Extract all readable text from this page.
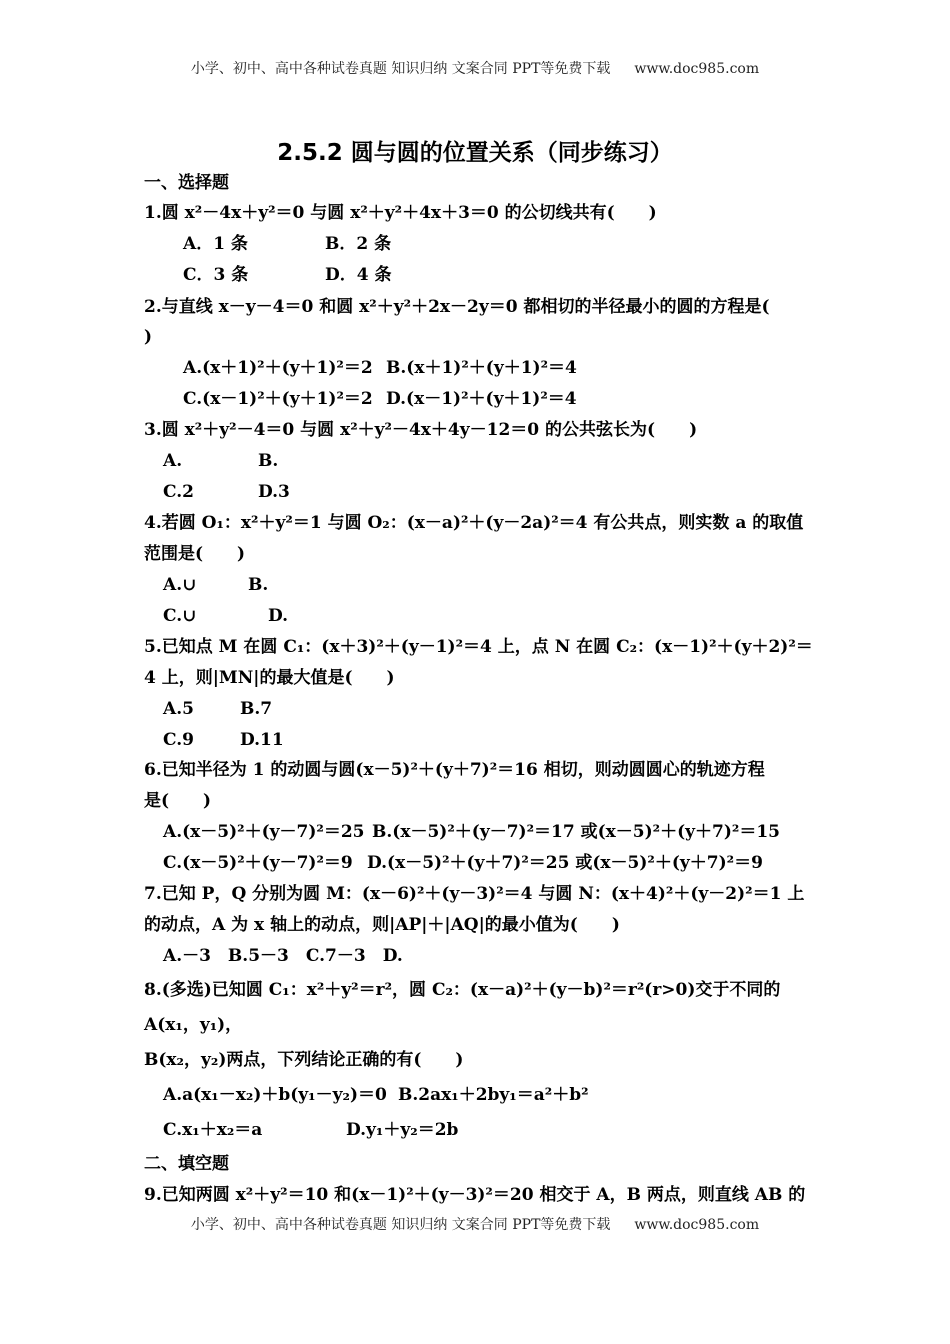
小学、初中、高中各种试卷真题 知识归纳 文案合同 PPT等免费下载 www.doc985.com
2.5.2 圆与圆的位置关系（同步练习）
一、选择题
1.圆 x²－4x＋y²＝0 与圆 x²＋y²＋4x＋3＝0 的公切线共有(　　)
A．1 条	B．2 条
C．3 条	D．4 条
2.与直线 x－y－4＝0 和圆 x²＋y²＋2x－2y＝0 都相切的半径最小的圆的方程是(
)
A.(x＋1)²＋(y＋1)²＝2 B.(x＋1)²＋(y＋1)²＝4
C.(x－1)²＋(y＋1)²＝2 D.(x－1)²＋(y＋1)²＝4
3.圆 x²＋y²－4＝0 与圆 x²＋y²－4x＋4y－12＝0 的公共弦长为(　　)
A.	B.
C.2	D.3
4.若圆 O₁：x²＋y²＝1 与圆 O₂：(x－a)²＋(y－2a)²＝4 有公共点，则实数 a 的取值
范围是(　　)
A.∪	B.
C.∪	D.
5.已知点 M 在圆 C₁：(x＋3)²＋(y－1)²＝4 上，点 N 在圆 C₂：(x－1)²＋(y＋2)²＝
4 上，则|MN|的最大值是(　　)
A.5	B.7
C.9	D.11
6.已知半径为 1 的动圆与圆(x－5)²＋(y＋7)²＝16 相切，则动圆圆心的轨迹方程
是(　　)
A.(x－5)²＋(y－7)²＝25 B.(x－5)²＋(y－7)²＝17 或(x－5)²＋(y＋7)²＝15
C.(x－5)²＋(y－7)²＝9 D.(x－5)²＋(y＋7)²＝25 或(x－5)²＋(y＋7)²＝9
7.已知 P，Q 分别为圆 M：(x－6)²＋(y－3)²＝4 与圆 N：(x＋4)²＋(y－2)²＝1 上
的动点，A 为 x 轴上的动点，则|AP|＋|AQ|的最小值为(　　)
A.－3　B.5－3　C.7－3　D.
8.(多选)已知圆 C₁：x²＋y²＝r²，圆 C₂：(x－a)²＋(y－b)²＝r²(r>0)交于不同的
A(x₁，y₁)，
B(x₂，y₂)两点，下列结论正确的有(　　)
A.a(x₁－x₂)＋b(y₁－y₂)＝0 B.2ax₁＋2by₁＝a²＋b²
C.x₁＋x₂＝a	D.y₁＋y₂＝2b
二、填空题
9.已知两圆 x²＋y²＝10 和(x－1)²＋(y－3)²＝20 相交于 A，B 两点，则直线 AB 的
小学、初中、高中各种试卷真题 知识归纳 文案合同 PPT等免费下载 www.doc985.com
